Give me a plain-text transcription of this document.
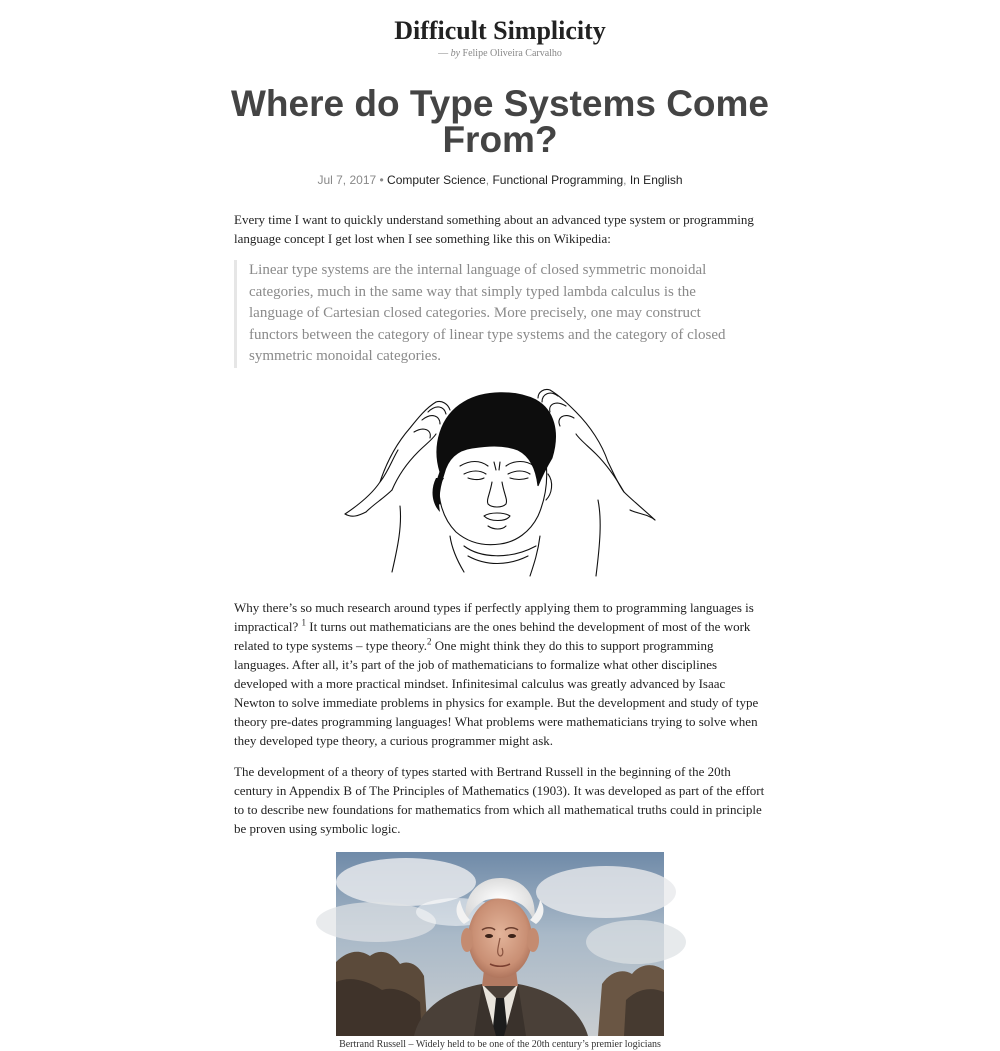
Difficult Simplicity
— by Felipe Oliveira Carvalho
Where do Type Systems Come From?
Jul 7, 2017 • Computer Science, Functional Programming, In English

Every time I want to quickly understand something about an advanced type system or programming language concept I get lost when I see something like this on Wikipedia:

Linear type systems are the internal language of closed symmetric monoidal categories, much in the same way that simply typed lambda calculus is the language of Cartesian closed categories. More precisely, one may construct functors between the category of linear type systems and the category of closed symmetric monoidal categories.

Why there’s so much research around types if perfectly applying them to programming languages is impractical? $^1$ It turns out mathematicians are the ones behind the development of most of the work related to type systems – type theory.$^2$ One might think they do this to support programming languages. After all, it’s part of the job of mathematicians to formalize what other disciplines developed with a more practical mindset. Infinitesimal calculus was greatly advanced by Isaac Newton to solve immediate problems in physics for example. But the development and study of type theory pre-dates programming languages! What problems were mathematicians trying to solve when they developed type theory, a curious programmer might ask.

The development of a theory of types started with Bertrand Russell in the beginning of the 20th century in Appendix B of The Principles of Mathematics (1903). It was developed as part of the effort to to describe new foundations for mathematics from which all mathematical truths could in principle be proven using symbolic logic.

Bertrand Russell – Widely held to be one of the 20th century’s premier logicians
